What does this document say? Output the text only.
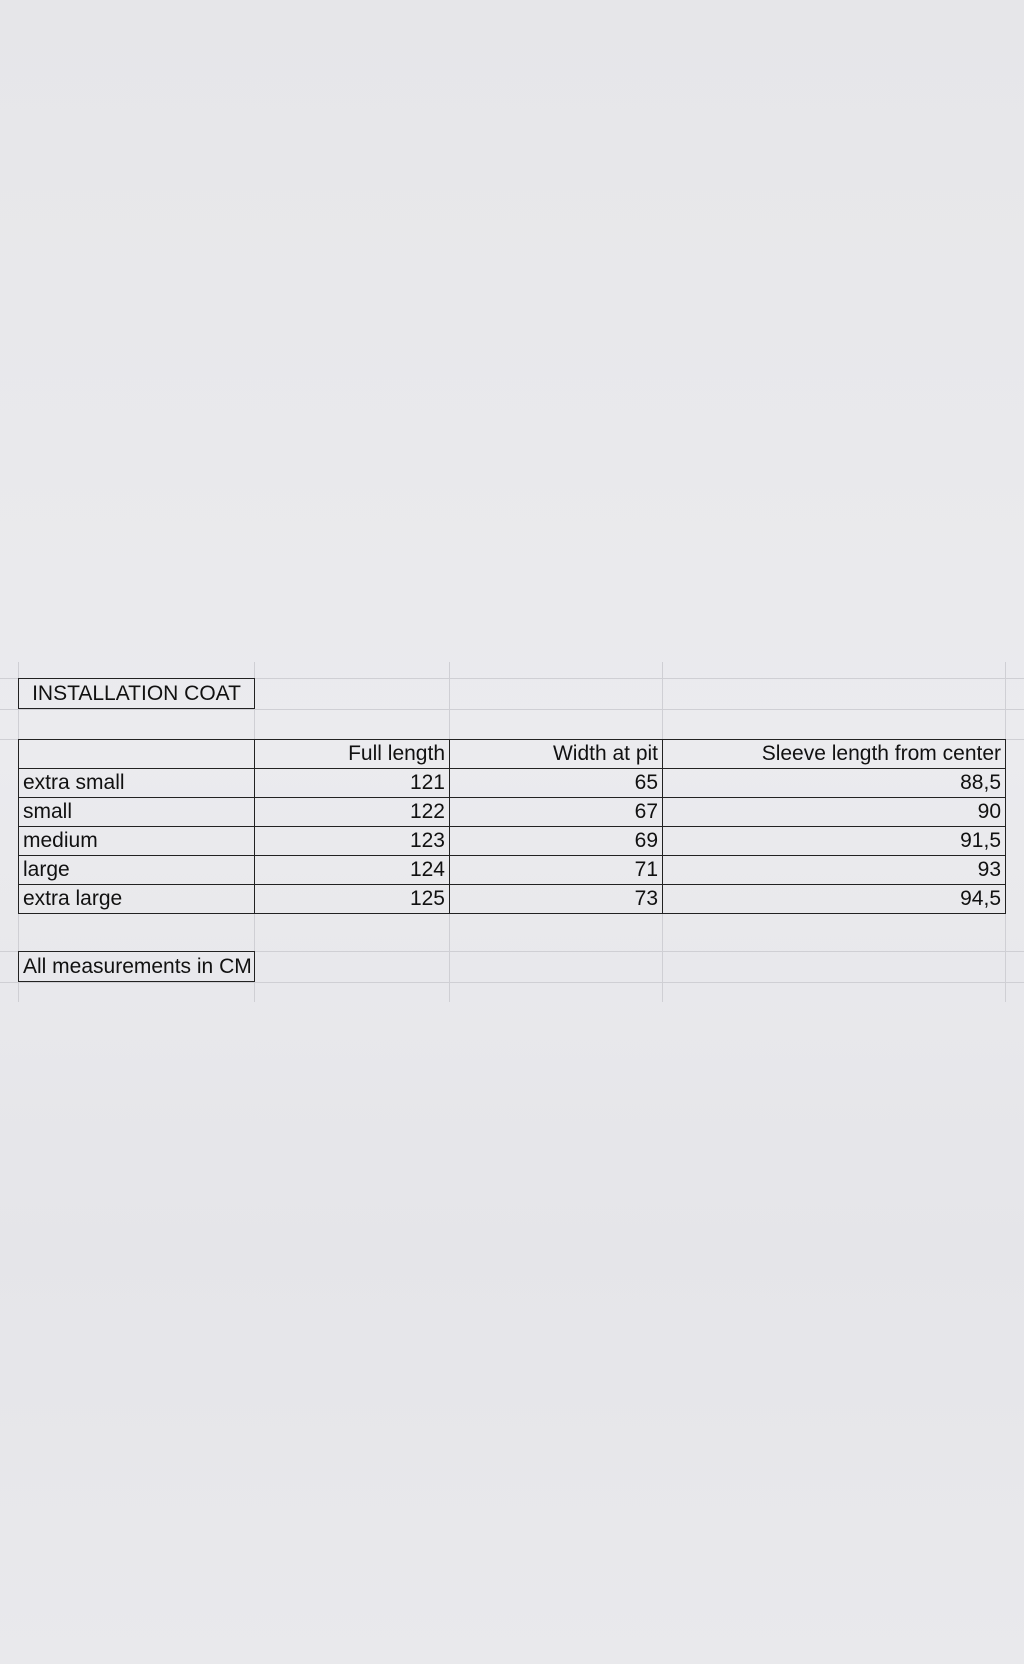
INSTALLATION COAT
	Full length	Width at pit	Sleeve length from center
extra small	121	65	88,5
small	122	67	90
medium	123	69	91,5
large	124	71	93
extra large	125	73	94,5
All measurements in CM
